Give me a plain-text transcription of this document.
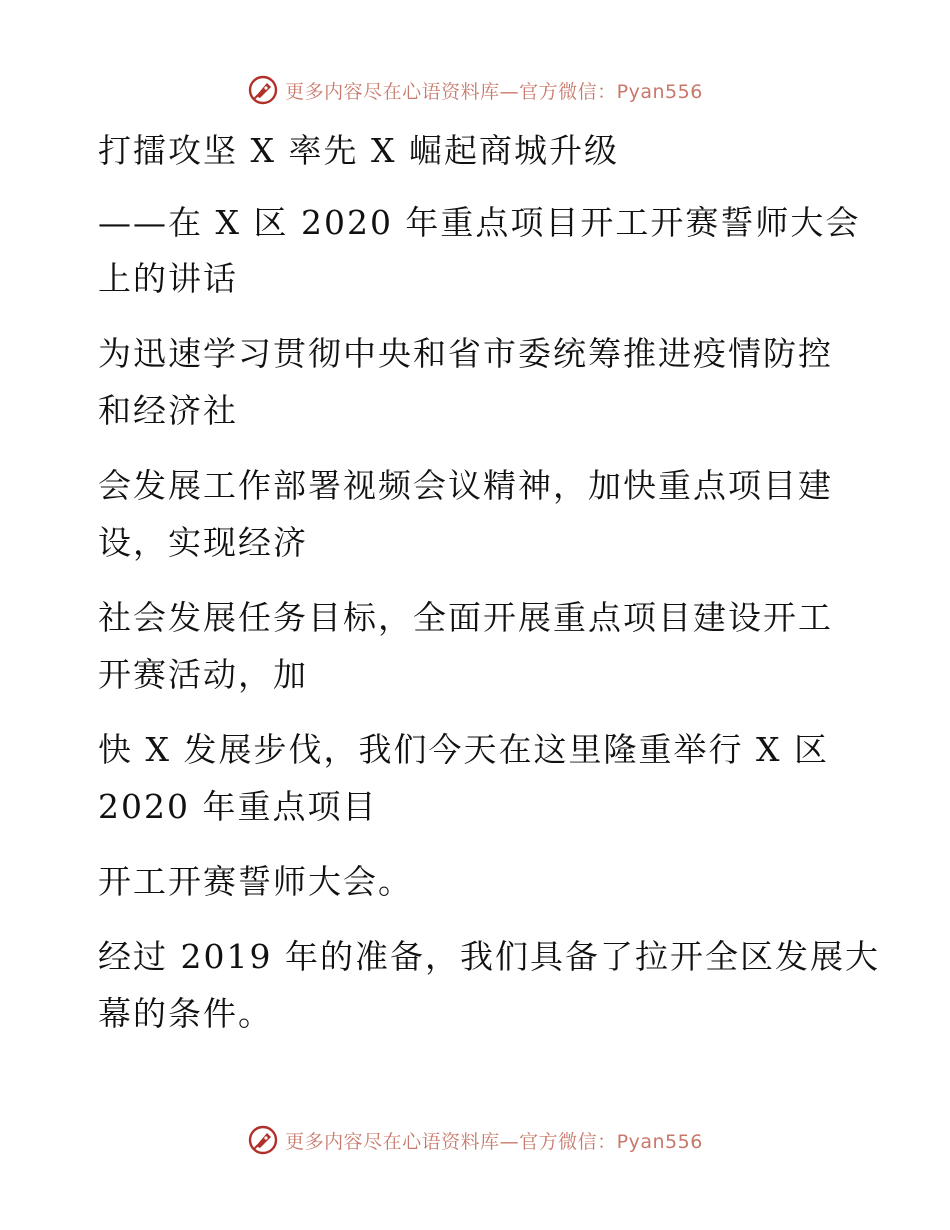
更多内容尽在心语资料库—官方微信：Pyan556

打擂攻坚 X 率先 X 崛起商城升级

——在 X 区 2020 年重点项目开工开赛誓师大会

上的讲话

为迅速学习贯彻中央和省市委统筹推进疫情防控

和经济社

会发展工作部署视频会议精神，加快重点项目建

设，实现经济

社会发展任务目标，全面开展重点项目建设开工

开赛活动，加

快 X 发展步伐，我们今天在这里隆重举行 X 区

2020 年重点项目

开工开赛誓师大会。

经过 2019 年的准备，我们具备了拉开全区发展大

幕的条件。

更多内容尽在心语资料库—官方微信：Pyan556
